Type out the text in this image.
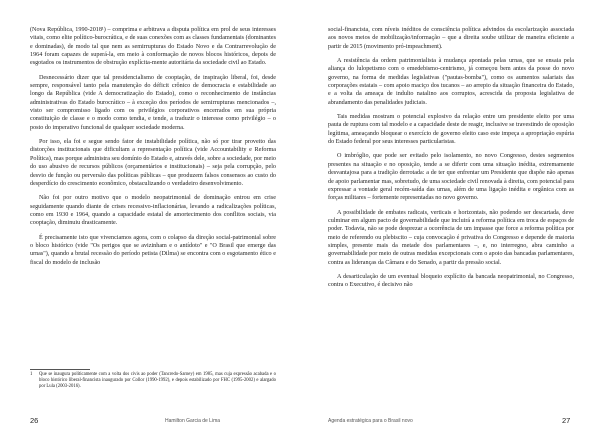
(Nova República, 1990-2018¹) – comprima e arbitrava a disputa política em prol de seus interesses vitais, como elite político-burocrática, e de suas conexões com as classes fundamentais (dominantes e dominadas), de modo tal que nem as semirrupturas do Estado Novo e da Contrarrevolução de 1964 foram capazes de superá-la, em meio à conformação de novos blocos históricos, depois de esgotados os instrumentos de obstrução explícita-mente autoritária da sociedade civil ao Estado.

Desnecessário dizer que tal presidencialismo de cooptação, de inspiração liberal, foi, desde sempre, responsável tanto pela manutenção do déficit crônico de democracia e estabilidade ao longo da República (vide A democratização do Estado), como o reconhecimento de instâncias administrativas do Estado burocrático – à exceção dos períodos de semirrupturas mencionados –, visto ser compromisso ligado com os privilégios corporativos encerrados em sua própria constituição de classe e o modo como tendia, e tende, a traduzir o interesse como privilégio – o posto do imperativo funcional de qualquer sociedade moderna.

Por isso, ela foi e segue sendo fator de instabilidade política, não só por tirar proveito das distorções institucionais que dificultam a representação política (vide Accountability e Reforma Política), mas porque administra seu domínio do Estado e, através dele, sobre a sociedade, por meio do uso abusivo de recursos públicos (orçamentários e institucionais) – seja pela corrupção, pelo desvio de função ou perversão das políticas públicas – que produzem falsos consensos ao custo do desperdício do crescimento econômico, obstaculizando o verdadeiro desenvolvimento.

Não foi por outro motivo que o modelo neopatrimonial de dominação entrou em crise seguidamente quando diante de crises recessivo-inflacionárias, levando a radicalizações políticas, como em 1930 e 1964, quando a capacidade estatal de amortecimento dos conflitos sociais, via cooptação, diminuiu drasticamente.

É precisamente isto que vivenciamos agora, com o colapso da direção social-patrimonial sobre o bloco histórico (vide "Os perigos que se avizinham e o antídoto" e "O Brasil que emerge das urnas"), quando a brutal recessão do período petista (Dilma) se encontra com o esgotamento ético e fiscal do modelo de inclusão

1	Que se inaugura politicamente com a volta dos civis ao poder (Tancredo-Sarney) em 1985, mas cuja expressão acabada e o bloco histórico liberal-financista inaugurado por Collor (1990-1992), e depois estabilizado por FHC (1995-2002) e alargado por Lula (2003-2016).
26	Hamilton Garcia de Lima

social-financista, com níveis inéditos de consciência política advindos da escolarização associada aos novos meios de mobilização/informação – que a direita soube utilizar de maneira eficiente a partir de 2015 (movimento pró-impeachment).

A resistência da ordem patrimonialista à mudança apontada pelas urnas, que se ensaia pela aliança do lulopetismo com o emedebismo-centrismo, já começou bem antes da posse do novo governo, na forma de medidas legislativas ("pautas-bomba"), como os aumentos salariais das corporações estatais – com apoio maciço dos tucanos – ao arrepio da situação financeira do Estado, e a volta da ameaça de indulto natalino aos corruptos, acrescida da proposta legislativa de abrandamento das penalidades judiciais.

Tais medidas mostram o potencial explosivo da relação entre um presidente eleito por uma pauta de ruptura com tal modelo e a capacidade deste de reagir, inclusive se travestindo de oposição legítima, ameaçando bloquear o exercício de governo eleito caso este impeça a apropriação espúria do Estado federal por seus interesses particularistas.

O imbróglio, que pode ser evitado pelo isolamento, no novo Congresso, destes segmentos presentes na situação e no oposição, tende a se diferir com uma situação inédita, extremamente desvantajosa para a tradição derrotada: a de ter que enfrentar um Presidente que dispõe não apenas de apoio parlamentar mas, sobretudo, de uma sociedade civil renovada à direita, com potencial para expressar a vontade geral recém-saída das urnas, além de uma ligação inédita e orgânica com as forças militares – fortemente representadas no novo governo.

A possibilidade de embates radicais, verticais e horizontais, não podendo ser descartada, deve culminar em algum pacto de governabilidade que incluirá a reforma política em troca de espaços de poder. Todavia, não se pode desprezar a ocorrência de um impasse que force a reforma política por meio de referendo ou plebiscito – cuja convocação é privativa do Congresso e depende de maioria simples, presente mais da metade dos parlamentares –, e, no interregno, abra caminho a governabilidade por meio de outras medidas excepcionais com o apoio das bancadas parlamentares, contra as lideranças da Câmara e do Senado, a partir da pressão social.

A desarticulação de um eventual bloqueio explícito da bancada neopatrimonial, no Congresso, contra o Executivo, é decisivo não

Agenda estratégica para o Brasil novo	27
